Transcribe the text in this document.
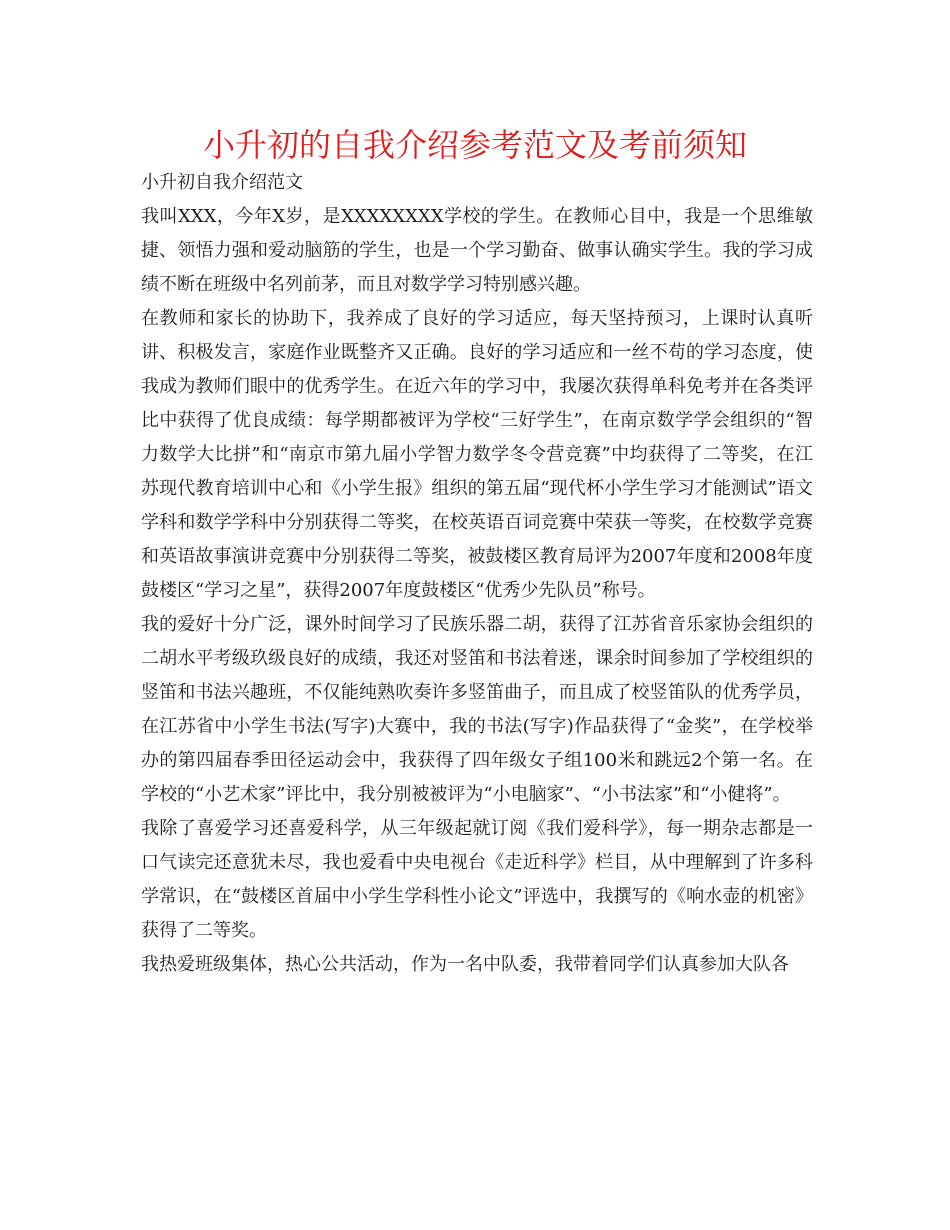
小升初的自我介绍参考范文及考前须知

小升初自我介绍范文

我叫XXX，今年X岁，是XXXXXXXX学校的学生。在教师心目中，我是一个思维敏捷、领悟力强和爱动脑筋的学生，也是一个学习勤奋、做事认确实学生。我的学习成绩不断在班级中名列前茅，而且对数学学习特别感兴趣。

在教师和家长的协助下，我养成了良好的学习适应，每天坚持预习，上课时认真听讲、积极发言，家庭作业既整齐又正确。良好的学习适应和一丝不苟的学习态度，使我成为教师们眼中的优秀学生。在近六年的学习中，我屡次获得单科免考并在各类评比中获得了优良成绩：每学期都被评为学校“三好学生”，在南京数学学会组织的“智力数学大比拼”和“南京市第九届小学智力数学冬令营竞赛”中均获得了二等奖，在江苏现代教育培训中心和《小学生报》组织的第五届“现代杯小学生学习才能测试”语文学科和数学学科中分别获得二等奖，在校英语百词竞赛中荣获一等奖，在校数学竞赛和英语故事演讲竞赛中分别获得二等奖，被鼓楼区教育局评为2007年度和2008年度鼓楼区“学习之星”，获得2007年度鼓楼区“优秀少先队员”称号。

我的爱好十分广泛，课外时间学习了民族乐器二胡，获得了江苏省音乐家协会组织的二胡水平考级玖级良好的成绩，我还对竖笛和书法着迷，课余时间参加了学校组织的竖笛和书法兴趣班，不仅能纯熟吹奏许多竖笛曲子，而且成了校竖笛队的优秀学员，在江苏省中小学生书法(写字)大赛中，我的书法(写字)作品获得了“金奖”，在学校举办的第四届春季田径运动会中，我获得了四年级女子组100米和跳远2个第一名。在学校的“小艺术家”评比中，我分别被被评为“小电脑家”、“小书法家”和“小健将”。

我除了喜爱学习还喜爱科学，从三年级起就订阅《我们爱科学》，每一期杂志都是一口气读完还意犹未尽，我也爱看中央电视台《走近科学》栏目，从中理解到了许多科学常识，在“鼓楼区首届中小学生学科性小论文”评选中，我撰写的《响水壶的机密》获得了二等奖。

我热爱班级集体，热心公共活动，作为一名中队委，我带着同学们认真参加大队各
